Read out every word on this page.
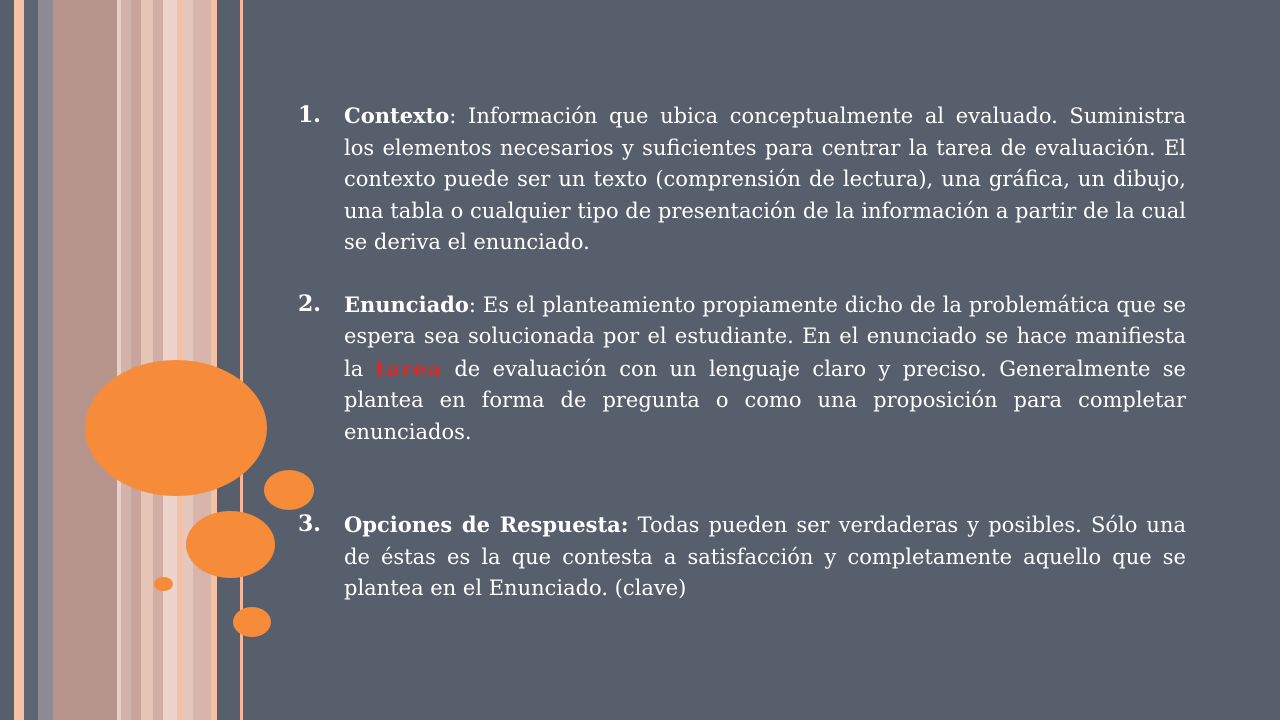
1.	Contexto: Información que ubica conceptualmente al evaluado. Suministra los elementos necesarios y suficientes para centrar la tarea de evaluación. El contexto puede ser un texto (comprensión de lectura), una gráfica, un dibujo, una tabla o cualquier tipo de presentación de la información a partir de la cual se deriva el enunciado.
2.	Enunciado: Es el planteamiento propiamente dicho de la problemática que se espera sea solucionada por el estudiante. En el enunciado se hace manifiesta la tarea de evaluación con un lenguaje claro y preciso. Generalmente se plantea en forma de pregunta o como una proposición para completar enunciados.
3.	Opciones de Respuesta: Todas pueden ser verdaderas y posibles. Sólo una de éstas es la que contesta a satisfacción y completamente aquello que se plantea en el Enunciado. (clave)
